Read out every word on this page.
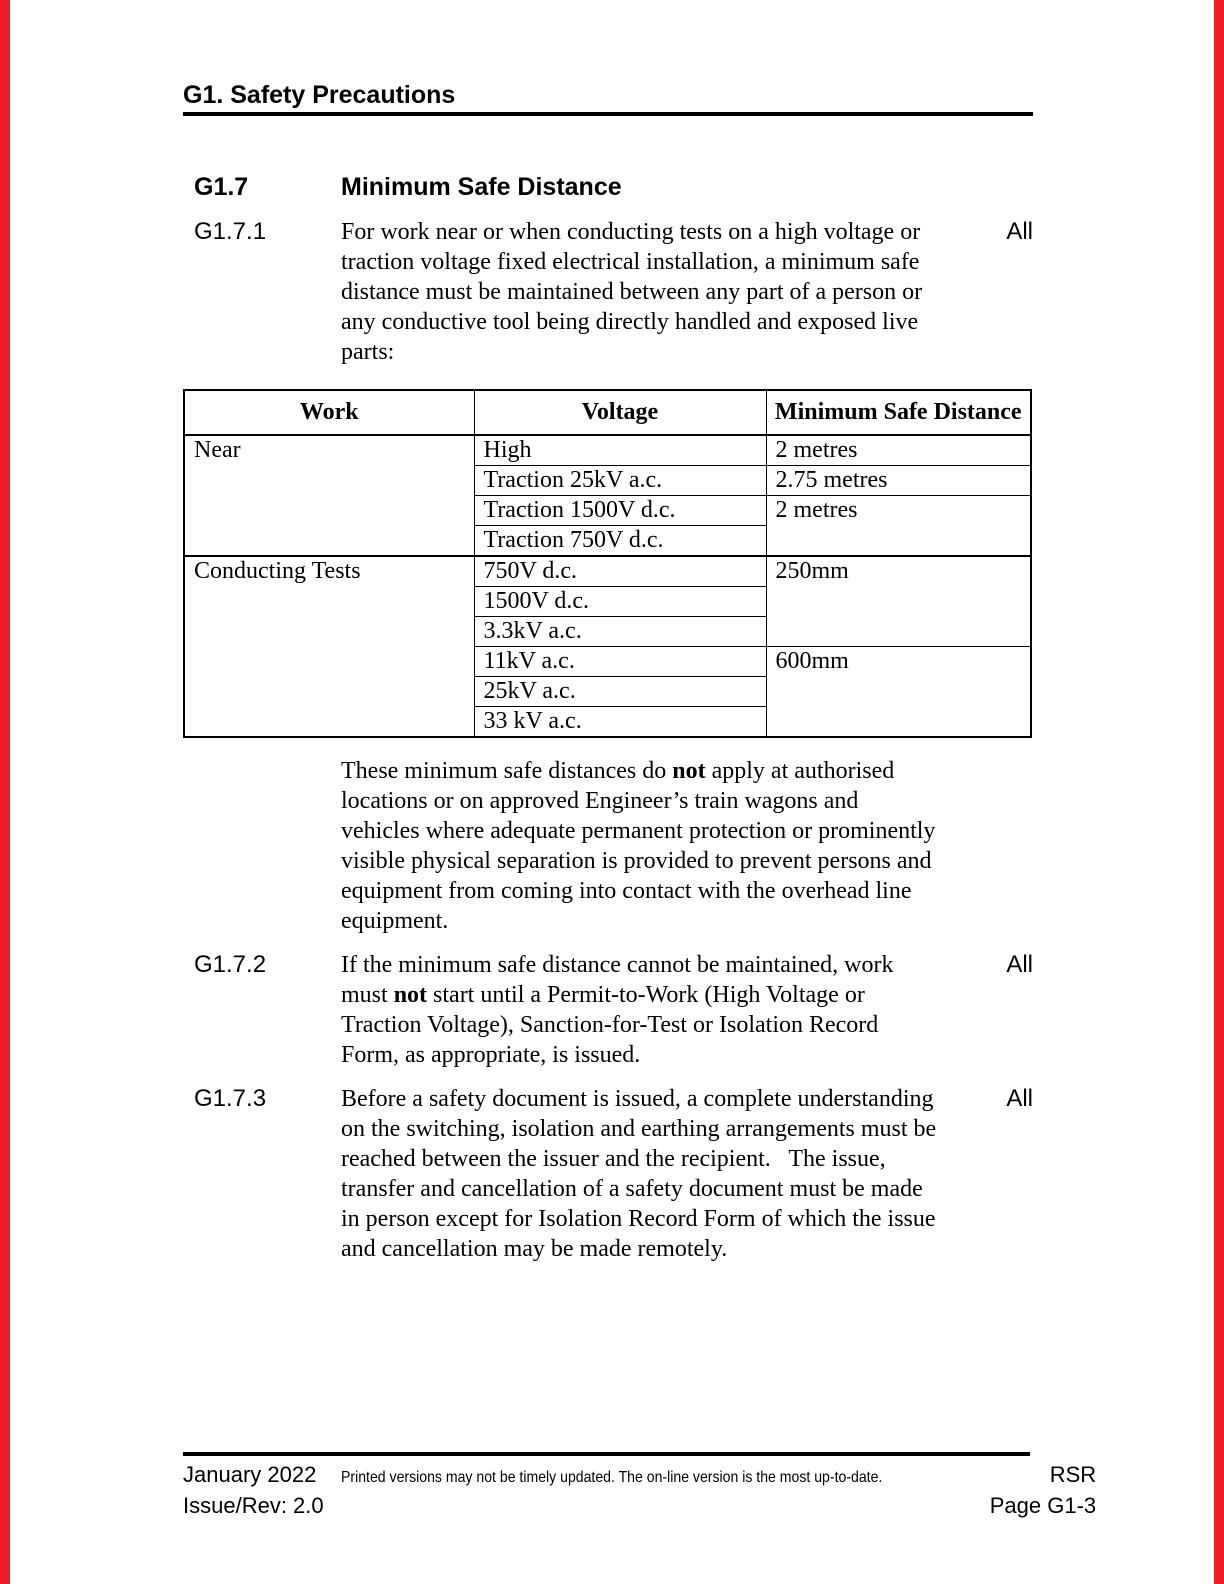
G1. Safety Precautions
G1.7	Minimum Safe Distance
G1.7.1	For work near or when conducting tests on a high voltage or traction voltage fixed electrical installation, a minimum safe distance must be maintained between any part of a person or any conductive tool being directly handled and exposed live parts:
All
Work	Voltage	Minimum Safe Distance
Near	High	2 metres
	Traction 25kV a.c.	2.75 metres
	Traction 1500V d.c.	2 metres
	Traction 750V d.c.	
Conducting Tests	750V d.c.	250mm
	1500V d.c.	
	3.3kV a.c.	
	11kV a.c.	600mm
	25kV a.c.	
	33 kV a.c.	
These minimum safe distances do not apply at authorised locations or on approved Engineer’s train wagons and vehicles where adequate permanent protection or prominently visible physical separation is provided to prevent persons and equipment from coming into contact with the overhead line equipment.
G1.7.2	If the minimum safe distance cannot be maintained, work must not start until a Permit-to-Work (High Voltage or Traction Voltage), Sanction-for-Test or Isolation Record Form, as appropriate, is issued.
All
G1.7.3	Before a safety document is issued, a complete understanding on the switching, isolation and earthing arrangements must be reached between the issuer and the recipient.   The issue, transfer and cancellation of a safety document must be made in person except for Isolation Record Form of which the issue and cancellation may be made remotely.
All
January 2022	Printed versions may not be timely updated. The on-line version is the most up-to-date.	RSR
Issue/Rev: 2.0	Page G1-3
